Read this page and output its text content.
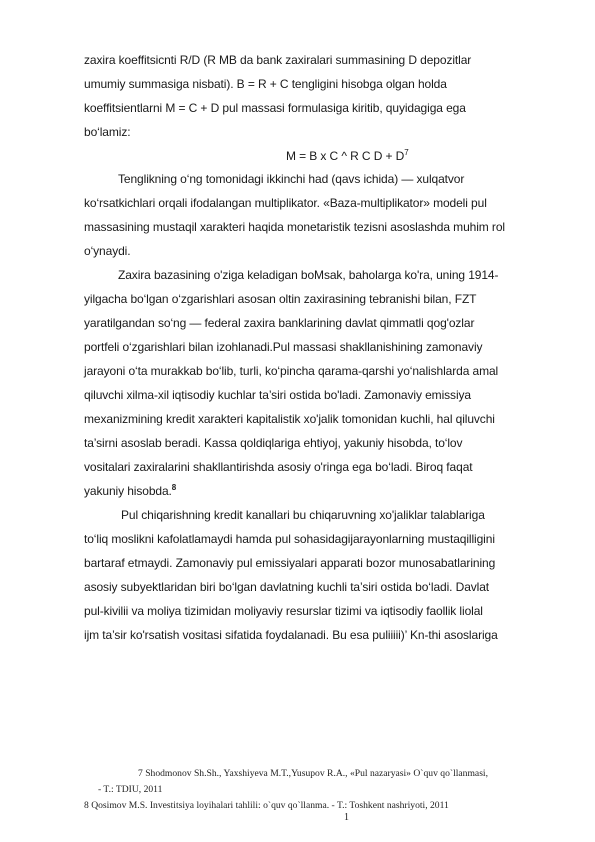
zaxira koeffitsicnti R/D (R MB da bank zaxiralari summasining D depozitlar
umumiy summasiga nisbati). B = R + C tengligini hisobga olgan holda
koeffitsientlarni M = C + D pul massasi formulasiga kiritib, quyidagiga ega
bo‘lamiz:
M = B x C ^ R C $D + D^7$
Tenglikning o‘ng tomonidagi ikkinchi had (qavs ichida) — xulqatvor
ko‘rsatkichlari orqali ifodalangan multiplikator. «Baza-multiplikator» modeli pul
massasining mustaqil xarakteri haqida monetaristik tezisni asoslashda muhim rol
o‘ynaydi.
Zaxira bazasining o'ziga keladigan boMsak, baholarga ko'ra, uning 1914-
yilgacha bo‘lgan o‘zgarishlari asosan oltin zaxirasining tebranishi bilan, FZT
yaratilgandan so‘ng — federal zaxira banklarining davlat qimmatli qog'ozlar
portfeli o‘zgarishlari bilan izohlanadi.Pul massasi shakllanishining zamonaviy
jarayoni o‘ta murakkab bo‘lib, turli, ko‘pincha qarama-qarshi yo‘nalishlarda amal
qiluvchi xilma-xil iqtisodiy kuchlar ta’siri ostida bo'ladi. Zamonaviy emissiya
mexanizmining kredit xarakteri kapitalistik xo'jalik tomonidan kuchli, hal qiluvchi
ta’sirni asoslab beradi. Kassa qoldiqlariga ehtiyoj, yakuniy hisobda, to‘lov
vositalari zaxiralarini shakllantirishda asosiy o'ringa ega bo‘ladi. Biroq faqat
yakuniy hisobda.$^8$
Pul chiqarishning kredit kanallari bu chiqaruvning xo'jaliklar talablariga
to‘liq moslikni kafolatlamaydi hamda pul sohasidagijarayonlarning mustaqilligini
bartaraf etmaydi. Zamonaviy pul emissiyalari apparati bozor munosabatlarining
asosiy subyektlaridan biri bo‘lgan davlatning kuchli ta’siri ostida bo‘ladi. Davlat
pul-kivilii va moliya tizimidan moliyaviy resurslar tizimi va iqtisodiy faollik liolal
ijm ta’sir ko'rsatish vositasi sifatida foydalanadi. Bu esa puliiiii)’ Kn-thi asoslariga
7 Shodmonov Sh.Sh., Yaxshiyeva M.T.,Yusupov R.A., «Pul nazaryasi» O`quv qo`llanmasi,
- T.: TDIU, 2011
8 Qosimov M.S. Investitsiya loyihalari tahlili: o`quv qo`llanma. - T.: Toshkent nashriyoti, 2011
1
